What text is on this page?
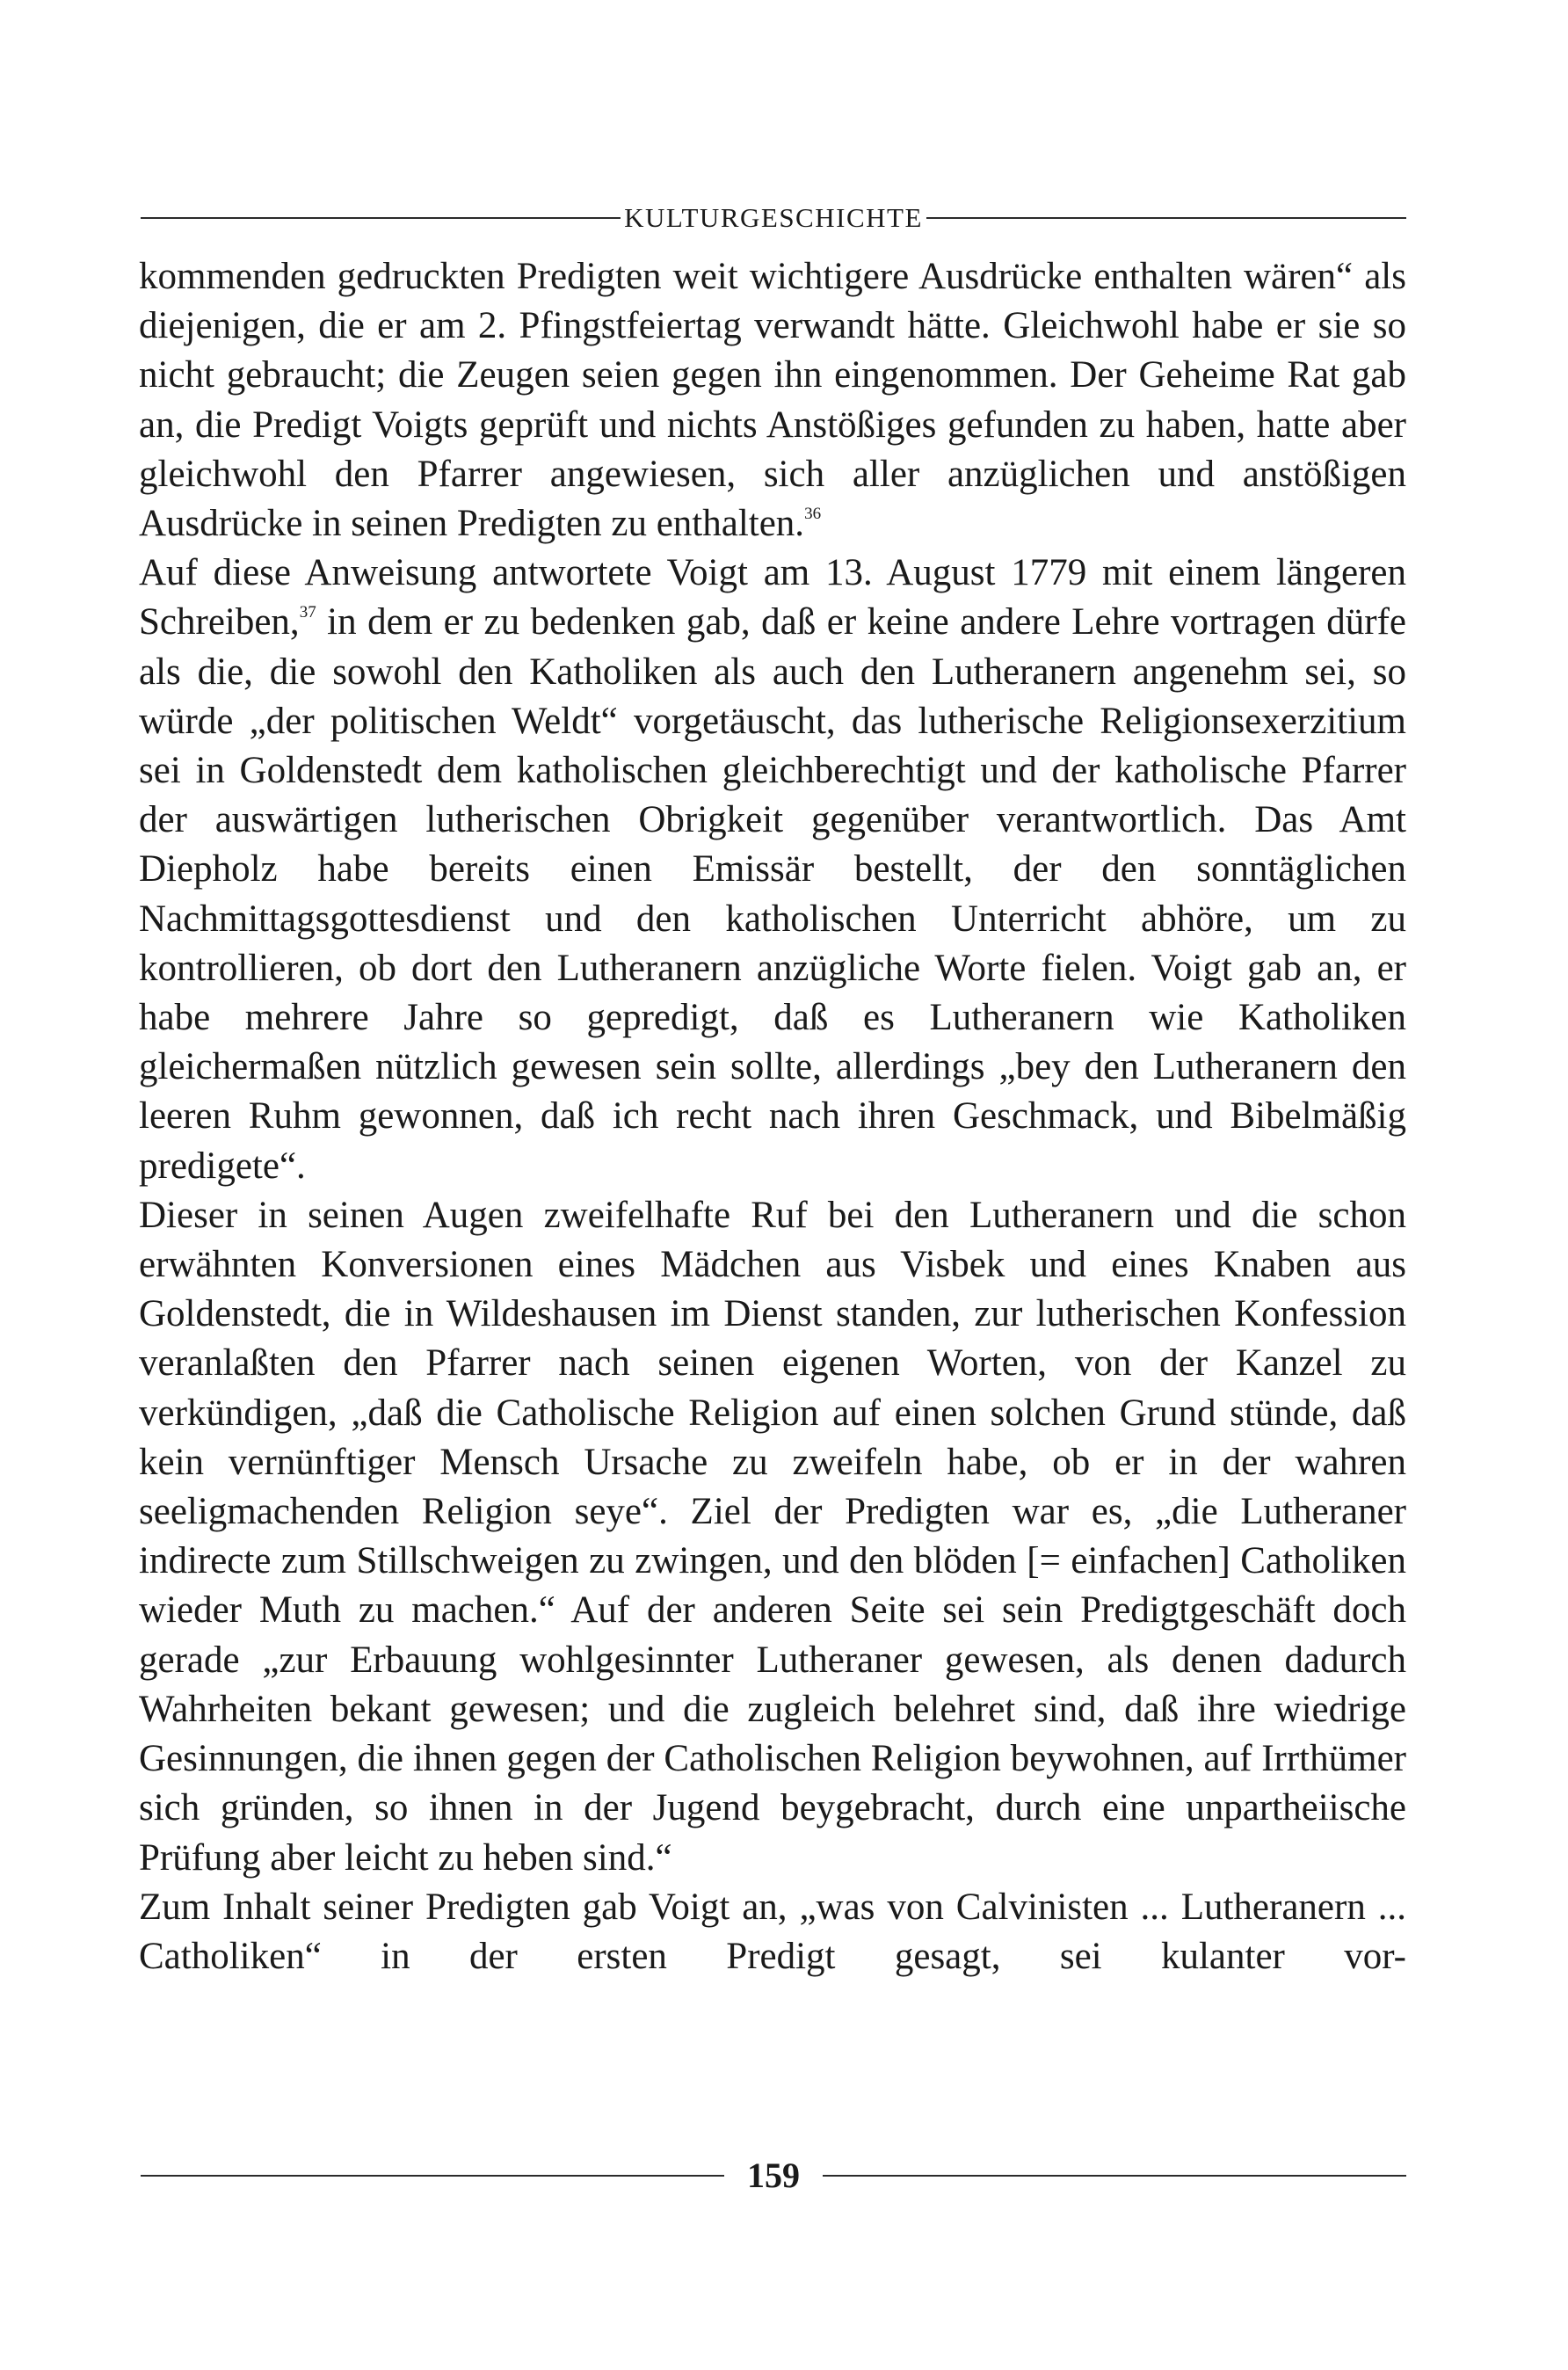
KULTURGESCHICHTE

kommenden gedruckten Predigten weit wichtigere Ausdrücke enthalten wären“ als diejenigen, die er am 2. Pfingstfeiertag verwandt hätte. Gleichwohl habe er sie so nicht gebraucht; die Zeugen seien gegen ihn eingenommen. Der Geheime Rat gab an, die Predigt Voigts geprüft und nichts Anstößiges gefunden zu haben, hatte aber gleichwohl den Pfarrer angewiesen, sich aller anzüglichen und anstößigen Ausdrücke in seinen Predigten zu enthalten.$^{36}$

Auf diese Anweisung antwortete Voigt am 13. August 1779 mit einem längeren Schreiben,$^{37}$ in dem er zu bedenken gab, daß er keine andere Lehre vortragen dürfe als die, die sowohl den Katholiken als auch den Lutheranern angenehm sei, so würde „der politischen Weldt“ vorgetäuscht, das lutherische Religionsexerzitium sei in Goldenstedt dem katholischen gleichberechtigt und der katholische Pfarrer der auswärtigen lutherischen Obrigkeit gegenüber verantwortlich. Das Amt Diepholz habe bereits einen Emissär bestellt, der den sonntäglichen Nachmittagsgottesdienst und den katholischen Unterricht abhöre, um zu kontrollieren, ob dort den Lutheranern anzügliche Worte fielen. Voigt gab an, er habe mehrere Jahre so gepredigt, daß es Lutheranern wie Katholiken gleichermaßen nützlich gewesen sein sollte, allerdings „bey den Lutheranern den leeren Ruhm gewonnen, daß ich recht nach ihren Geschmack, und Bibelmäßig predigete“.

Dieser in seinen Augen zweifelhafte Ruf bei den Lutheranern und die schon erwähnten Konversionen eines Mädchen aus Visbek und eines Knaben aus Goldenstedt, die in Wildeshausen im Dienst standen, zur lutherischen Konfession veranlaßten den Pfarrer nach seinen eigenen Worten, von der Kanzel zu verkündigen, „daß die Catholische Religion auf einen solchen Grund stünde, daß kein vernünftiger Mensch Ursache zu zweifeln habe, ob er in der wahren seeligmachenden Religion seye“. Ziel der Predigten war es, „die Lutheraner indirecte zum Stillschweigen zu zwingen, und den blöden [= einfachen] Catholiken wieder Muth zu machen.“ Auf der anderen Seite sei sein Predigtgeschäft doch gerade „zur Erbauung wohlgesinnter Lutheraner gewesen, als denen dadurch Wahrheiten bekant gewesen; und die zugleich belehret sind, daß ihre wiedrige Gesinnungen, die ihnen gegen der Catholischen Religion beywohnen, auf Irrthümer sich gründen, so ihnen in der Jugend beygebracht, durch eine unpartheiische Prüfung aber leicht zu heben sind.“

Zum Inhalt seiner Predigten gab Voigt an, „was von Calvinisten ... Lutheranern ... Catholiken“ in der ersten Predigt gesagt, sei kulanter vor-

159
